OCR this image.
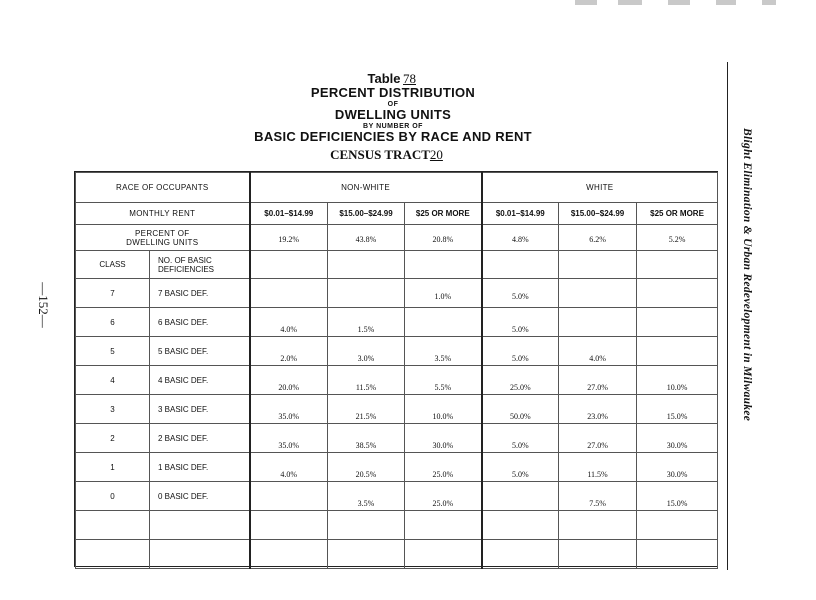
Table 78
PERCENT DISTRIBUTION
OF
DWELLING UNITS
BY NUMBER OF
BASIC DEFICIENCIES BY RACE AND RENT
CENSUS TRACT20
—152—	Blight Elimination & Urban Redevelopment in Milwaukee
RACE OF OCCUPANTS		NON-WHITE			WHITE		
MONTHLY RENT		$0.01–$14.99	$15.00–$24.99	$25 OR MORE	$0.01–$14.99	$15.00–$24.99	$25 OR MORE

PERCENT OF
DWELLING UNITS		19.2%	43.8%	20.8%	4.8%	6.2%	5.2%
CLASS	NO. OF BASIC
DEFICIENCIES						

7	7 BASIC DEF.			1.0%	5.0%		
6	6 BASIC DEF.	4.0%	1.5%		5.0%		
5	5 BASIC DEF.	2.0%	3.0%	3.5%	5.0%	4.0%	
4	4 BASIC DEF.	20.0%	11.5%	5.5%	25.0%	27.0%	10.0%
3	3 BASIC DEF.	35.0%	21.5%	10.0%	50.0%	23.0%	15.0%
2	2 BASIC DEF.	35.0%	38.5%	30.0%	5.0%	27.0%	30.0%
1	1 BASIC DEF.	4.0%	20.5%	25.0%	5.0%	11.5%	30.0%
0	0 BASIC DEF.		3.5%	25.0%		7.5%	15.0%
